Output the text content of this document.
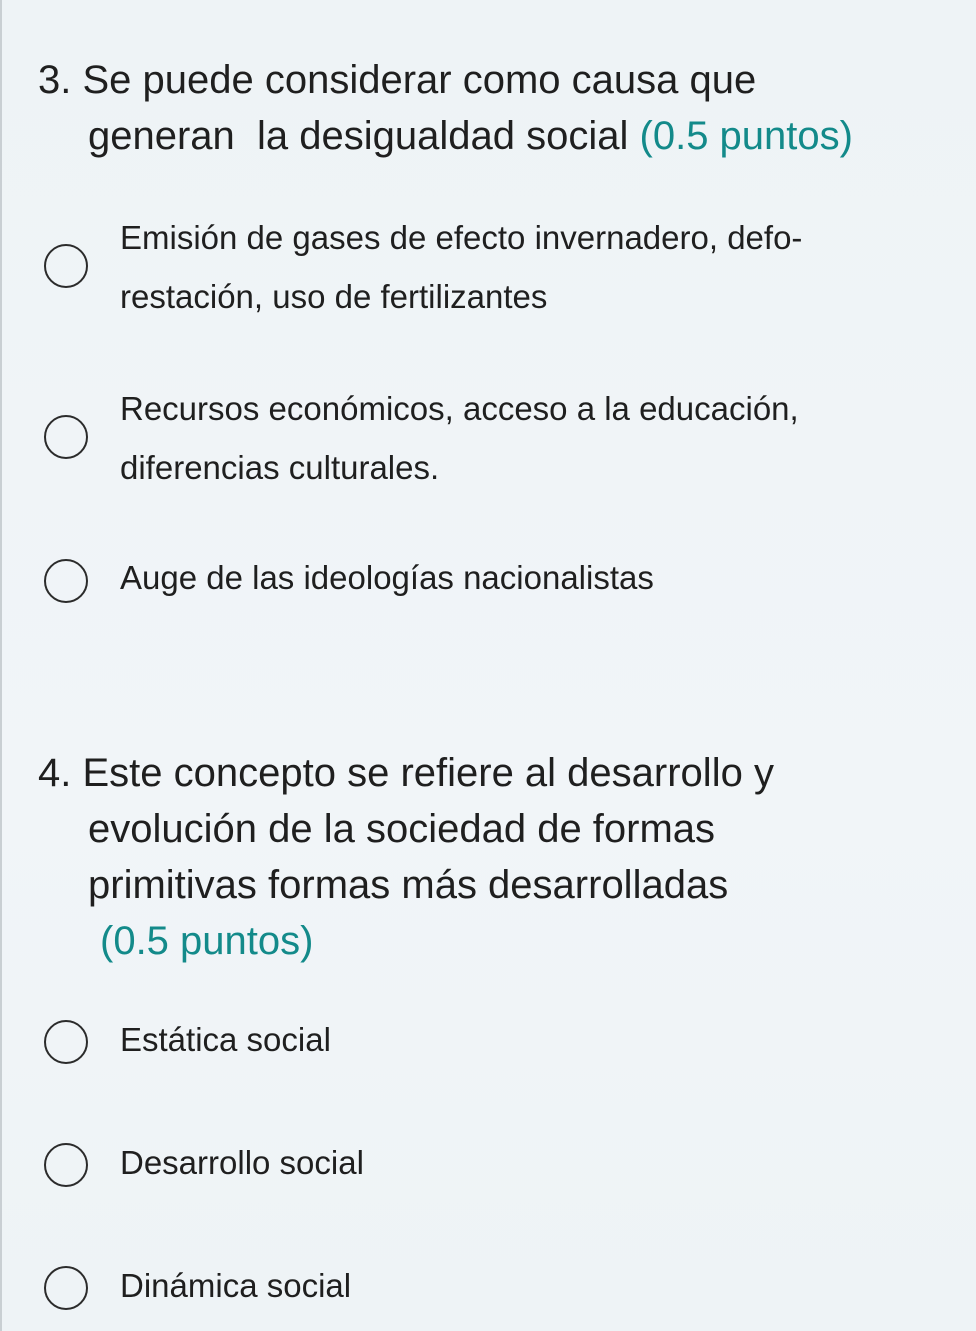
3. Se puede considerar como causa que
generan  la desigualdad social (0.5 puntos)
Emisión de gases de efecto invernadero, defo-
restación, uso de fertilizantes
Recursos económicos, acceso a la educación,
diferencias culturales.
Auge de las ideologías nacionalistas
4. Este concepto se refiere al desarrollo y
evolución de la sociedad de formas
primitivas formas más desarrolladas
(0.5 puntos)
Estática social
Desarrollo social
Dinámica social
